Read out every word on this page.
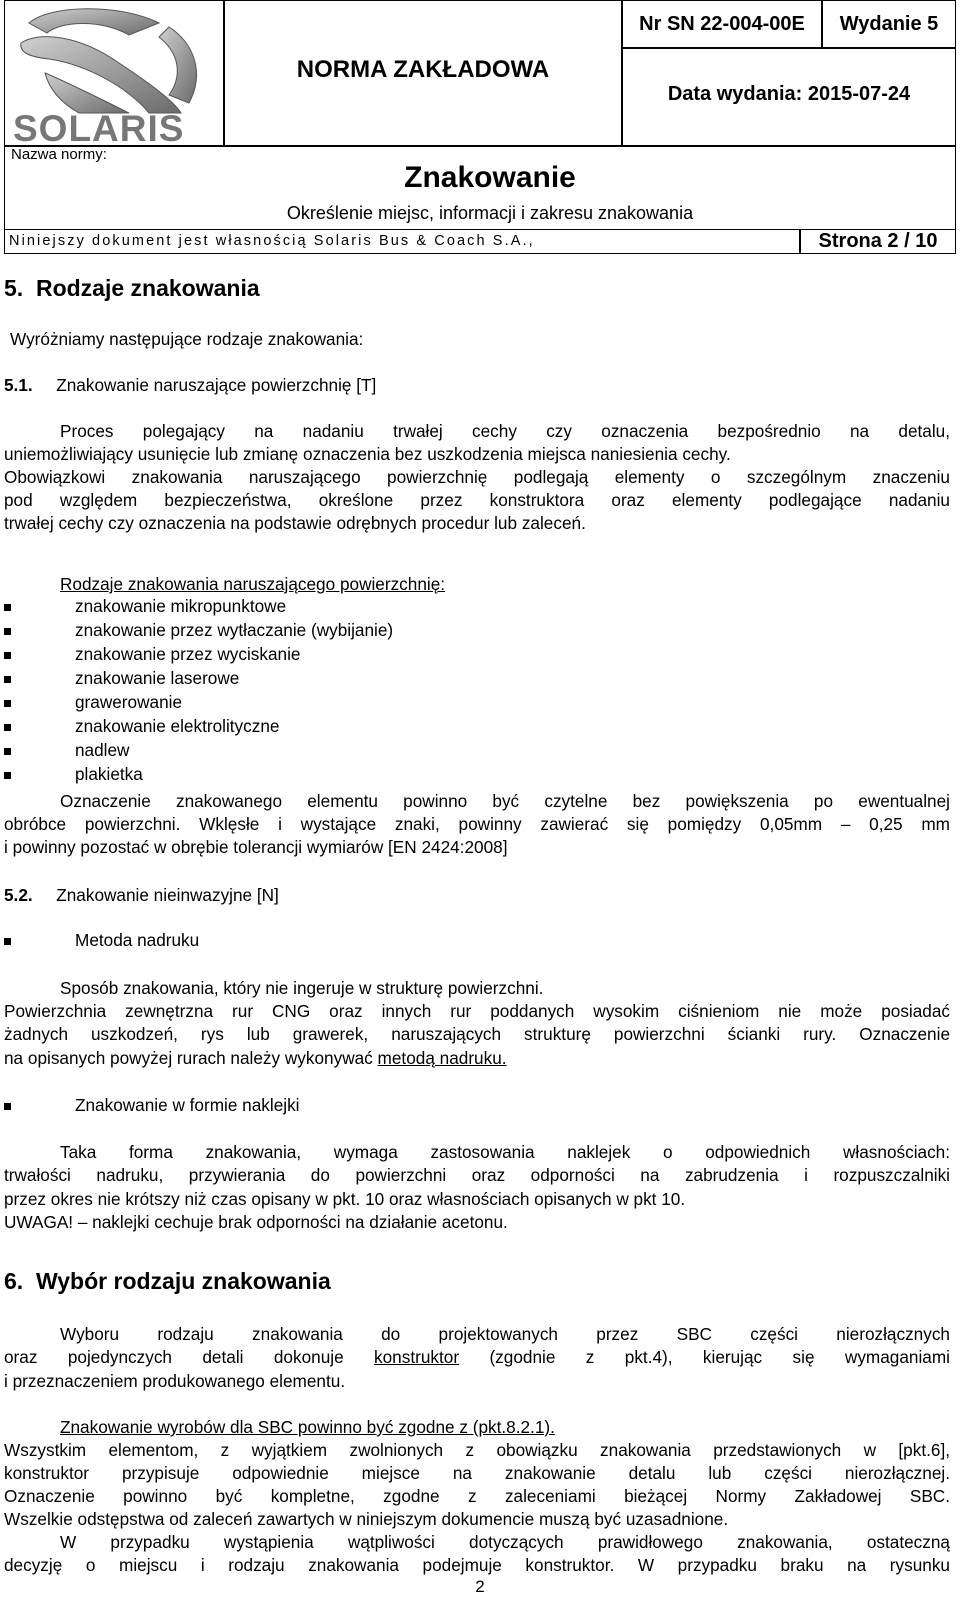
SOLARIS
Nazwa normy:
NORMA ZAKŁADOWA
Nr SN 22-004-00E	Wydanie 5
Data wydania: 2015-07-24
Znakowanie
Określenie miejsc, informacji i zakresu znakowania
Niniejszy dokument jest własnością Solaris Bus & Coach S.A.,	Strona 2 / 10
5. Rodzaje znakowania
Wyróżniamy następujące rodzaje znakowania:
5.1. Znakowanie naruszające powierzchnię [T]
Proces polegający na nadaniu trwałej cechy czy oznaczenia bezpośrednio na detalu,
uniemożliwiający usunięcie lub zmianę oznaczenia bez uszkodzenia miejsca naniesienia cechy.
Obowiązkowi znakowania naruszającego powierzchnię podlegają elementy o szczególnym znaczeniu
pod względem bezpieczeństwa, określone przez konstruktora oraz elementy podlegające nadaniu
trwałej cechy czy oznaczenia na podstawie odrębnych procedur lub zaleceń.
Rodzaje znakowania naruszającego powierzchnię:
znakowanie mikropunktowe
znakowanie przez wytłaczanie (wybijanie)
znakowanie przez wyciskanie
znakowanie laserowe
grawerowanie
znakowanie elektrolityczne
nadlew
plakietka
Oznaczenie znakowanego elementu powinno być czytelne bez powiększenia po ewentualnej
obróbce powierzchni. Wklęsłe i wystające znaki, powinny zawierać się pomiędzy 0,05mm – 0,25 mm
i powinny pozostać w obrębie tolerancji wymiarów [EN 2424:2008]
5.2. Znakowanie nieinwazyjne [N]
Metoda nadruku
Sposób znakowania, który nie ingeruje w strukturę powierzchni.
Powierzchnia zewnętrzna rur CNG oraz innych rur poddanych wysokim ciśnieniom nie może posiadać
żadnych uszkodzeń, rys lub grawerek, naruszających strukturę powierzchni ścianki rury. Oznaczenie
na opisanych powyżej rurach należy wykonywać metodą nadruku.
Znakowanie w formie naklejki
Taka forma znakowania, wymaga zastosowania naklejek o odpowiednich własnościach:
trwałości nadruku, przywierania do powierzchni oraz odporności na zabrudzenia i rozpuszczalniki
przez okres nie krótszy niż czas opisany w pkt. 10 oraz własnościach opisanych w pkt 10.
UWAGA! – naklejki cechuje brak odporności na działanie acetonu.
6. Wybór rodzaju znakowania
Wyboru rodzaju znakowania do projektowanych przez SBC części nierozłącznych
oraz pojedynczych detali dokonuje konstruktor (zgodnie z pkt.4), kierując się wymaganiami
i przeznaczeniem produkowanego elementu.
Znakowanie wyrobów dla SBC powinno być zgodne z (pkt.8.2.1).
Wszystkim elementom, z wyjątkiem zwolnionych z obowiązku znakowania przedstawionych w [pkt.6],
konstruktor przypisuje odpowiednie miejsce na znakowanie detalu lub części nierozłącznej.
Oznaczenie powinno być kompletne, zgodne z zaleceniami bieżącej Normy Zakładowej SBC.
Wszelkie odstępstwa od zaleceń zawartych w niniejszym dokumencie muszą być uzasadnione.
W przypadku wystąpienia wątpliwości dotyczących prawidłowego znakowania, ostateczną
decyzję o miejscu i rodzaju znakowania podejmuje konstruktor. W przypadku braku na rysunku
2
